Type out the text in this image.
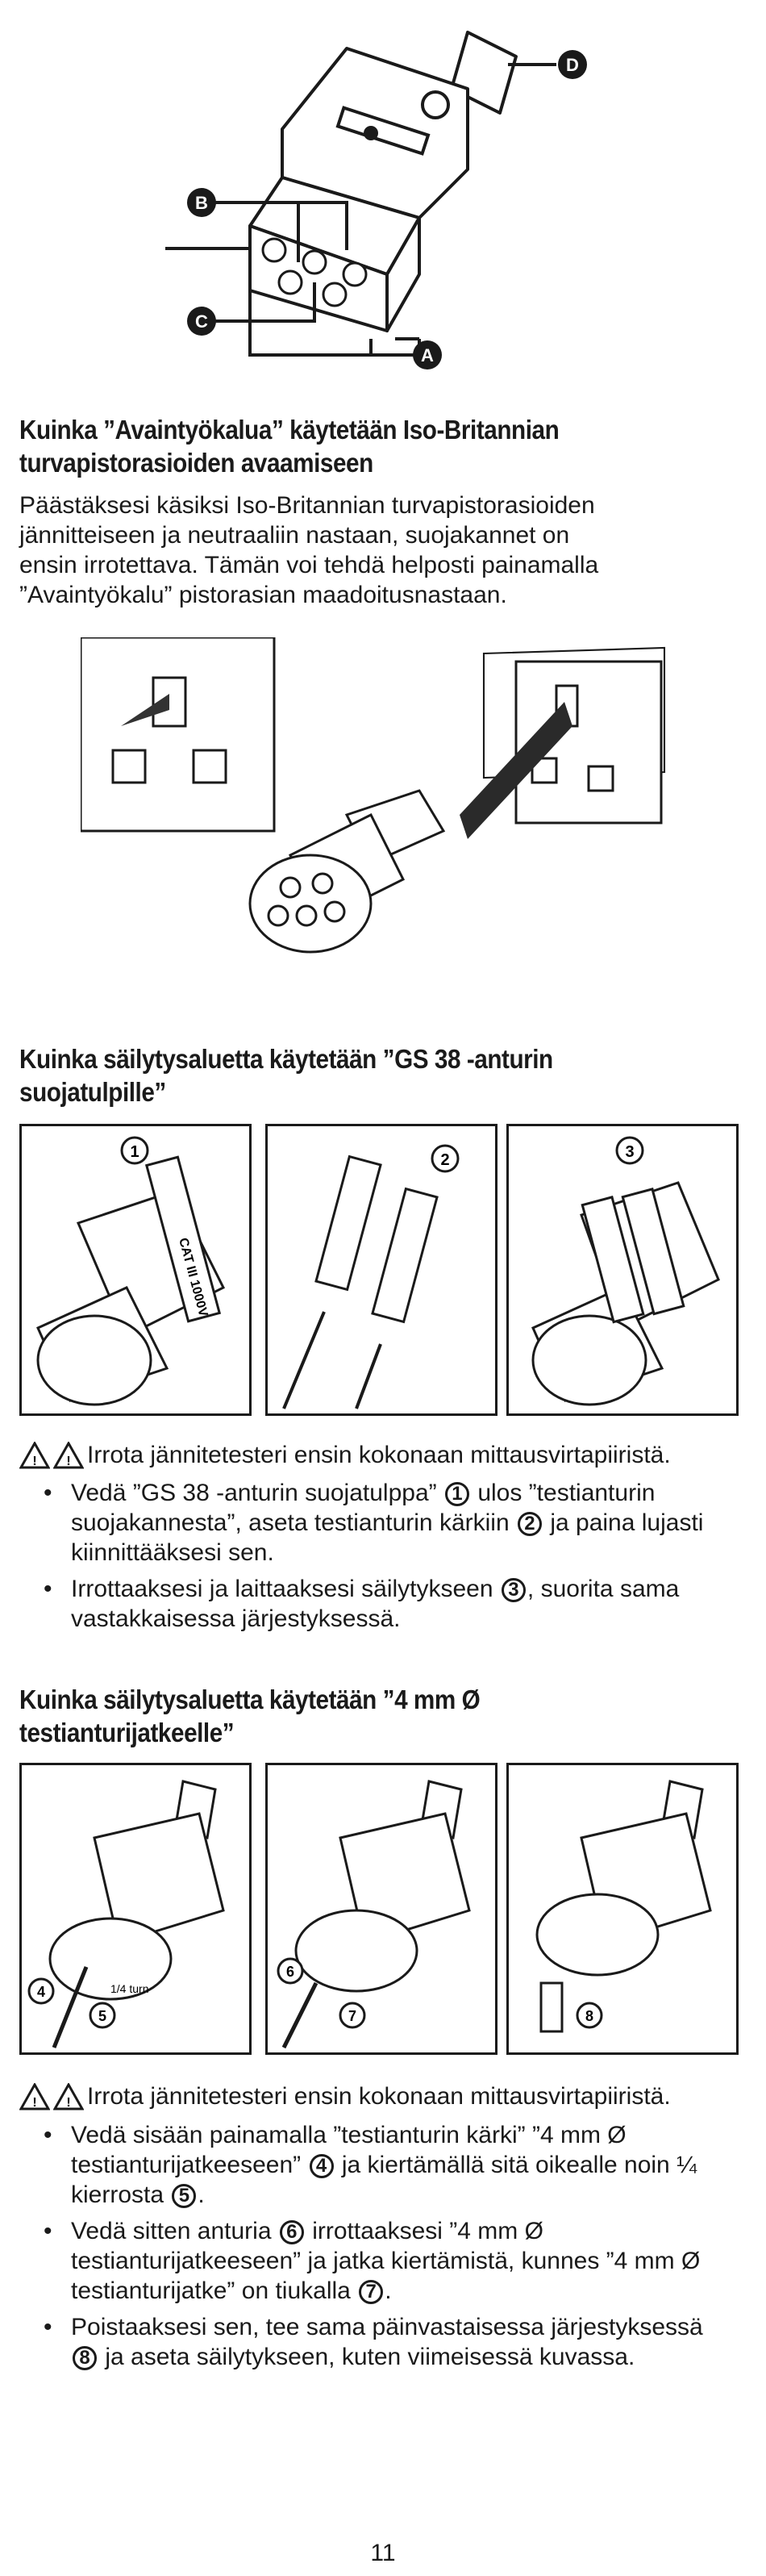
D
B
C
A
Kuinka ”Avaintyökalua” käytetään Iso-Britannian
turvapistorasioiden avaamiseen
Päästäksesi käsiksi Iso-Britannian turvapistorasioiden
jännitteiseen ja neutraaliin nastaan, suojakannet on
ensin irrotettava. Tämän voi tehdä helposti painamalla
”Avaintyökalu” pistorasian maadoitusnastaan.
Kuinka säilytysaluetta käytetään ”GS 38 -anturin
suojatulpille”
CAT III 1000V
1	2	3
! ! Irrota jännitetesteri ensin kokonaan mittausvirtapiiristä.
• Vedä ”GS 38 -anturin suojatulppa” 1 ulos ”testianturin suojakannesta”, aseta testianturin kärkiin 2 ja paina lujasti kiinnittääksesi sen.
• Irrottaaksesi ja laittaaksesi säilytykseen 3 , suorita sama vastakkaisessa järjestyksessä.
Kuinka säilytysaluetta käytetään ”4 mm Ø
testianturijatkeelle”
4
5
1/4 turn
6
7	8
! ! Irrota jännitetesteri ensin kokonaan mittausvirtapiiristä.
• Vedä sisään painamalla ”testianturin kärki” ”4 mm Ø testianturijatkeeseen” 4 ja kiertämällä sitä oikealle noin ¼ kierrosta 5 .
• Vedä sitten anturia 6 irrottaaksesi ”4 mm Ø testianturijatkeeseen” ja jatka kiertämistä, kunnes ”4 mm Ø testianturijatke” on tiukalla 7 .
• Poistaaksesi sen, tee sama päinvastaisessa järjestyksessä 8 ja aseta säilytykseen, kuten viimeisessä kuvassa.
11
